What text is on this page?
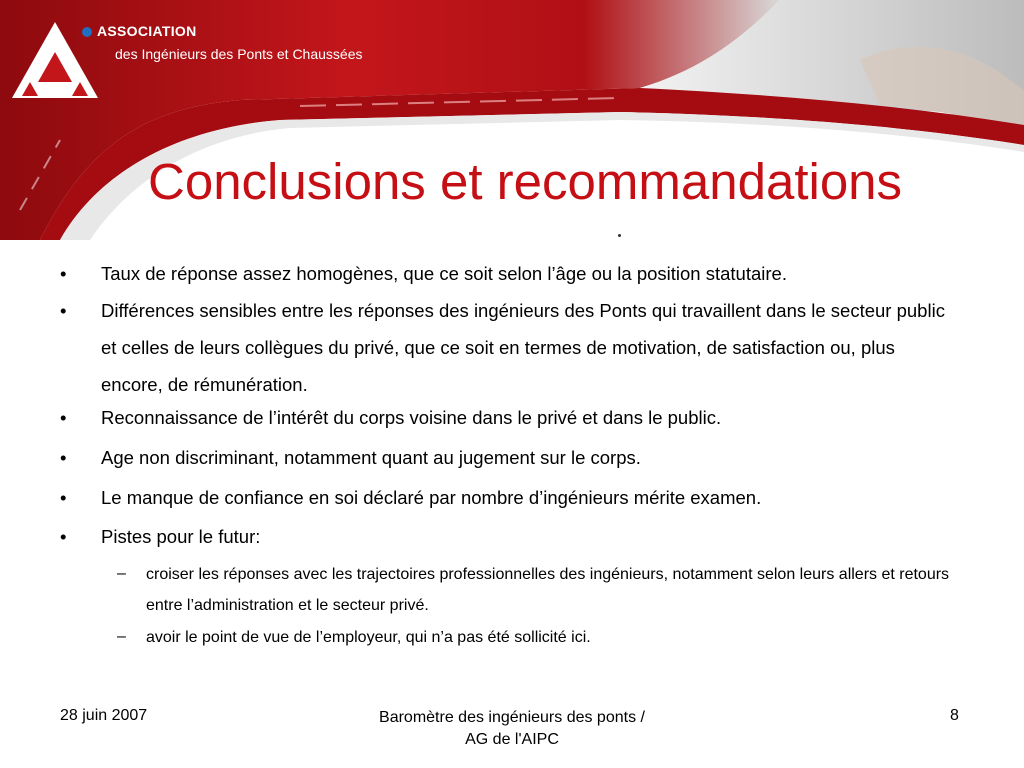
ASSOCIATION
des Ingénieurs des Ponts et Chaussées
Conclusions et recommandations
• Taux de réponse assez homogènes, que ce soit selon l’âge ou la position statutaire.
• Différences sensibles entre les réponses des ingénieurs des Ponts qui travaillent dans le secteur public et celles de leurs collègues du privé, que ce soit en termes de motivation, de satisfaction ou, plus encore, de rémunération.
• Reconnaissance de l’intérêt du corps voisine dans le privé et dans le public.
• Age non discriminant, notamment quant au jugement sur le corps.
• Le manque de confiance en soi déclaré par nombre d’ingénieurs mérite examen.
• Pistes pour le futur:
– croiser les réponses avec les trajectoires professionnelles des ingénieurs, notamment selon leurs allers et retours entre l’administration et le secteur privé.
– avoir le point de vue de l’employeur, qui n’a pas été sollicité ici.
28 juin 2007	Baromètre des ingénieurs des ponts / AG de l'AIPC
8
